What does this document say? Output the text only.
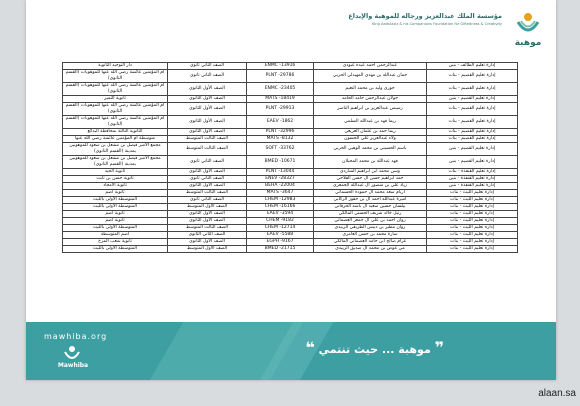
موهبة
مؤسسة الملك عبدالعزيز ورجاله للموهبة والإبداع
King Abdulaziz & his Companions Foundation for Giftedness & Creativity
إدارة تعليم الطائف - بنين	عبدالرحمن احمد عبده عبودي	ENMC -13916	الصف الثاني ثانوي	دار التوحيد الثانوية
إدارة تعليم القصيم - بنات	جمان عبدالله بن مهدي المهيدلي الحربي	PLNT -29786	الصف الثاني ثانوي	أم المؤمنين عائشة رضي الله عنها للموهوبات (القسم الثانوي)
إدارة تعليم القصيم - بنات	جوري وليد بن محمد النعيم	ENMC -23405	الصف الأول الثانوي	أم المؤمنين عائشة رضي الله عنها للموهوبات (القسم الثانوي)
إدارة تعليم القصيم - بنين	جولان عبدالرحمن حامد الحامد	MATS -18419	الصف الأول الثانوي	ثانوية التميز
إدارة تعليم القصيم - بنات	رسيس عبدالعزيز بن ابراهيم الناصر	PLNT -29913	الصف الأول الثانوي	أم المؤمنين عائشة رضي الله عنها للموهوبات (القسم الثانوي)
إدارة تعليم القصيم - بنات	ريما فهد بن عبدالله السلمي	EAEV -1862	الصف الأول الثانوي	أم المؤمنين عائشة رضي الله عنها للموهوبات (القسم الثانوي)
إدارة تعليم القصيم - بنات	ريما حمد بن عثمان العريعي	PLNT -32996	الصف الأول الثانوي	الثانوية الثالثة بمحافظة البدائع
إدارة تعليم القصيم - بنات	ولاء عبدالعزيز علي الحسون	MATS -8132	الصف الثالث المتوسط	متوسطة أم المؤمنين عائشة رضي الله عنها
إدارة تعليم القصيم - بنين	باسم الحسيني بن محمد الوهبي الحربي	SOFT -33762	الصف الثالث المتوسط	مجمع الأمير فيصل بن مشعل بن سعود للموهوبين بمدينة (القسم الثانوي)
إدارة تعليم القصيم - بنين	فهد عبدالله بن محمد المحيلان	BMED -10671	الصف الثاني ثانوي	مجمع الأمير فيصل بن مشعل بن سعود للموهوبين بمدينة (القسم الثانوي)
إدارة تعليم القنفذة - بنات	وسن محمد ابن ابراهيم الشاردي	PLNT -13044	الصف الأول الثانوي	ثانوية الجيد
إدارة تعليم القنفذة - بنين	حمد ابراهيم حسن آل حسن الفلاحي	ENEV -28327	الصف الثاني ثانوي	ثانوية حسن بن ثابت
إدارة تعليم القنفذة - بنين	زياد علي بن منصور آل عبدالله الجمعري	BEHA -22004	الصف الأول الثانوي	ثانوية الأمجاد
إدارة تعليم الليث - بنات	أريام سعد محمد آل حمودة الحسماني	MATS -3647	الصف الثالث المتوسط	ثانوية اضم
إدارة تعليم الليث - بنات	أميرة عبدالله احمد آل بن حفوز الركابي	CHEM -12983	الصف الثاني ثانوي	المتوسطة الأولى بالليث
إدارة تعليم الليث - بنات	بيلسان حسين سعيد آل باشه الحرقاني	CHEM -16166	الصف الأول المتوسط	المتوسطة الأولى بالليث
إدارة تعليم الليث - بنات	رتيل خالد شريف الحسني المالكي	EAEV -3594	الصف الأول الثانوي	ثانوية اضم
إدارة تعليم الليث - بنات	روان احمد بن علي آل جمعر العصماني	CHEM -9182	الصف الأول الثانوي	ثانوية اضم
إدارة تعليم الليث - بنات	روان مطير بن دبيس الطريفي الزبيدي	CHEM -12714	الصف الثالث المتوسط	المتوسطة الأولى بالليث
إدارة تعليم الليث - بنات	سارة محمد بن حسن العامري	EAEV -5588	الصف الثاني الثانوي	أضم المتوسطة
إدارة تعليم الليث - بنات	غرام صالح ابن حامد العصماني المالكي	EGPH -9167	الصف الأول الثانوي	ثانوية شعب المرخ
إدارة تعليم الليث - بنات	مي عوض بن محمد آل صديق الزبيدي	BMED -21715	الصف الأول المتوسط	المتوسطة الأولى بالليث
mawhiba.org
Mawhiba
❞ موهبة ... حيث تنتمي ❝
alaan.sa
